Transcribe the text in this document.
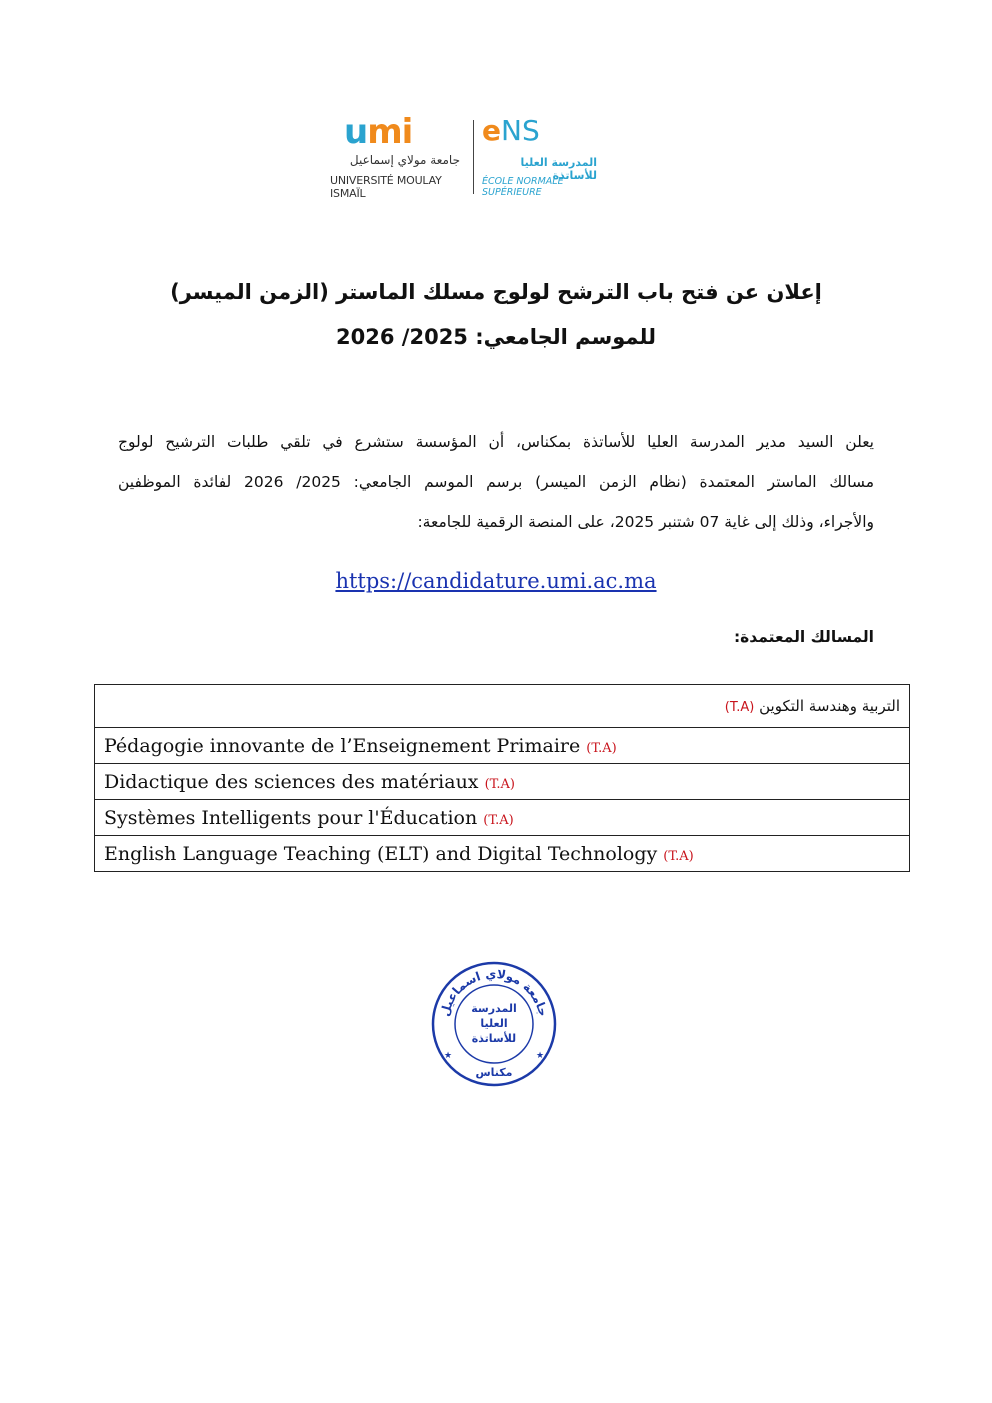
umi
جامعة مولاي إسماعيل
UNIVERSITÉ MOULAY ISMAÏL
eNS
المدرسة العليا للأساتذة
ÉCOLE NORMALE SUPÉRIEURE
إعلان عن فتح باب الترشح لولوج مسلك الماستر (الزمن الميسر)
للموسم الجامعي: 2025/ 2026
يعلن السيد مدير المدرسة العليا للأساتذة بمكناس، أن المؤسسة ستشرع في تلقي طلبات الترشيح لولوج
مسالك الماستر المعتمدة (نظام الزمن الميسر) برسم الموسم الجامعي: 2025/ 2026 لفائدة الموظفين
والأجراء، وذلك إلى غاية 07 شتنبر 2025، على المنصة الرقمية للجامعة:
https://candidature.umi.ac.ma
المسالك المعتمدة:
التربية وهندسة التكوين (T.A)
Pédagogie innovante de l’Enseignement Primaire (T.A)
Didactique des sciences des matériaux (T.A)
Systèmes Intelligents pour l'Éducation (T.A)
English Language Teaching (ELT) and Digital Technology (T.A)
جامعة مولاي اسماعيل
المدرسة
العليا
للأساتذة
مكناس
★	★
